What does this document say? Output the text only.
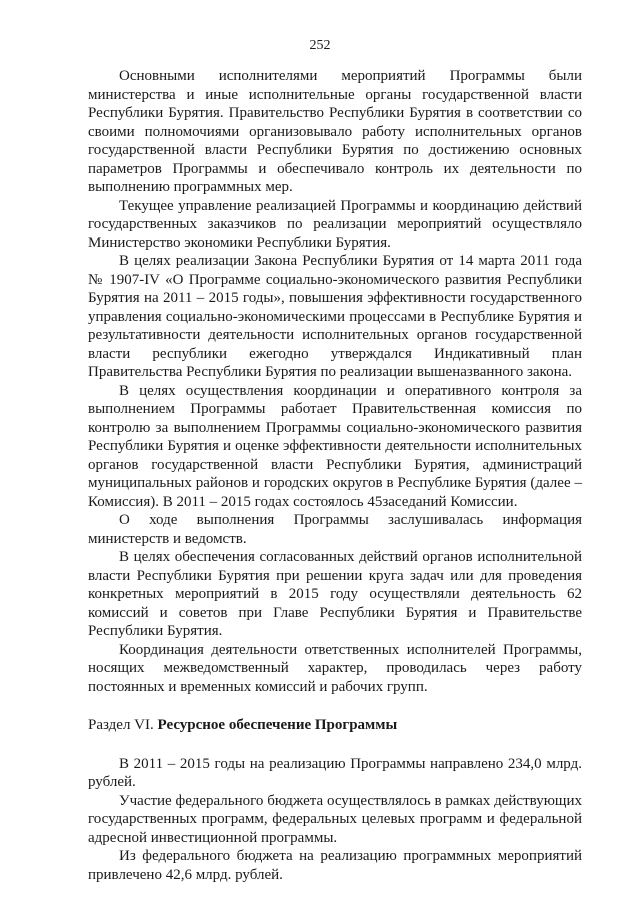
252

Основными исполнителями мероприятий Программы были министерства и иные исполнительные органы государственной власти Республики Бурятия. Правительство Республики Бурятия в соответствии со своими полномочиями организовывало работу исполнительных органов государственной власти Республики Бурятия по достижению основных параметров Программы и обеспечивало контроль их деятельности по выполнению программных мер.

Текущее управление реализацией Программы и координацию действий государственных заказчиков по реализации мероприятий осуществляло Министерство экономики Республики Бурятия.

В целях реализации Закона Республики Бурятия от 14 марта 2011 года № 1907-IV «О Программе социально-экономического развития Республики Бурятия на 2011 – 2015 годы», повышения эффективности государственного управления социально-экономическими процессами в Республике Бурятия и результативности деятельности исполнительных органов государственной власти республики ежегодно утверждался Индикативный план Правительства Республики Бурятия по реализации вышеназванного закона.

В целях осуществления координации и оперативного контроля за выполнением Программы работает Правительственная комиссия по контролю за выполнением Программы социально-экономического развития Республики Бурятия и оценке эффективности деятельности исполнительных органов государственной власти Республики Бурятия, администраций муниципальных районов и городских округов в Республике Бурятия (далее – Комиссия). В 2011 – 2015 годах состоялось 45заседаний Комиссии.

О ходе выполнения Программы заслушивалась информация министерств и ведомств.

В целях обеспечения согласованных действий органов исполнительной власти Республики Бурятия при решении круга задач или для проведения конкретных мероприятий в 2015 году осуществляли деятельность 62 комиссий и советов при Главе Республики Бурятия и Правительстве Республики Бурятия.

Координация деятельности ответственных исполнителей Программы, носящих межведомственный характер, проводилась через работу постоянных и временных комиссий и рабочих групп.

Раздел VI. Ресурсное обеспечение Программы

В 2011 – 2015 годы на реализацию Программы направлено 234,0 млрд. рублей.

Участие федерального бюджета осуществлялось в рамках действующих государственных программ, федеральных целевых программ и федеральной адресной инвестиционной программы.

Из федерального бюджета на реализацию программных мероприятий привлечено 42,6 млрд. рублей.
